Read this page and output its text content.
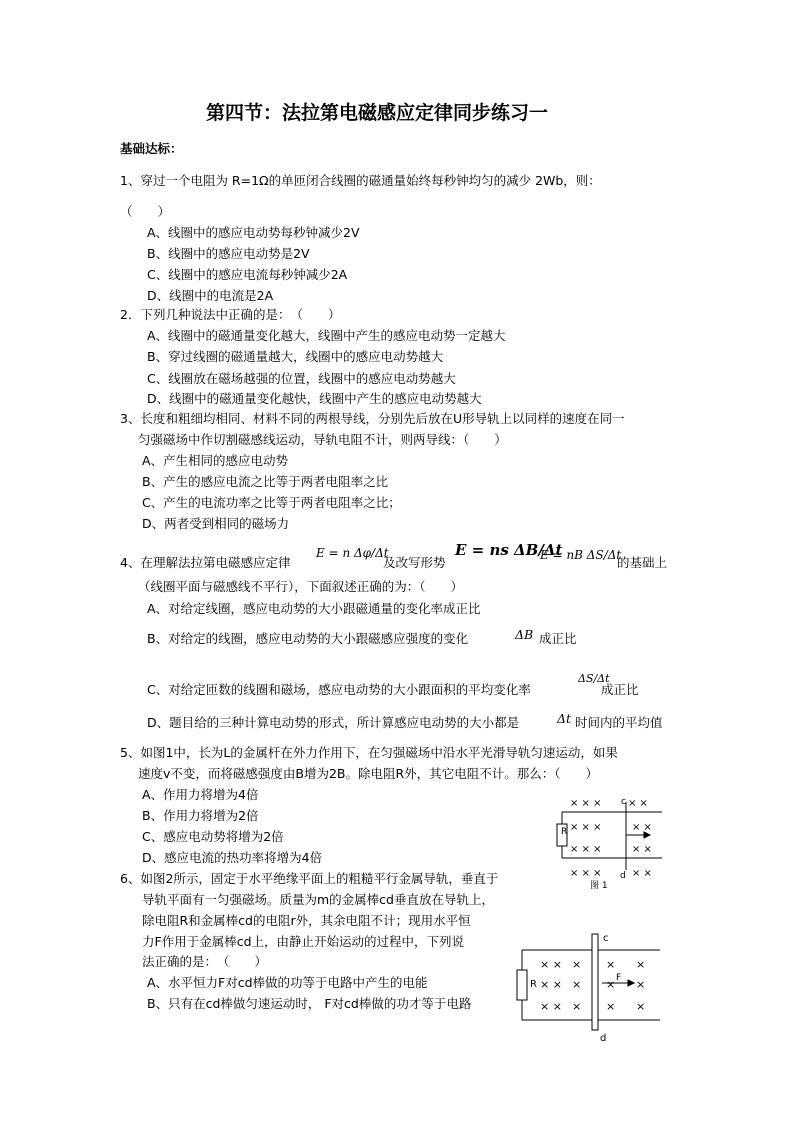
第四节：法拉第电磁感应定律同步练习一
基础达标：
1、穿过一个电阻为 R=1Ω的单匝闭合线圈的磁通量始终每秒钟均匀的减少 2Wb，则：
（　　）
A、线圈中的感应电动势每秒钟减少2V
B、线圈中的感应电动势是2V
C、线圈中的感应电流每秒钟减少2A
D、线圈中的电流是2A
2．下列几种说法中正确的是：　（　　）
A、线圈中的磁通量变化越大，线圈中产生的感应电动势一定越大
B、穿过线圈的磁通量越大，线圈中的感应电动势越大
C、线圈放在磁场越强的位置，线圈中的感应电动势越大
D、线圈中的磁通量变化越快，线圈中产生的感应电动势越大
3、长度和粗细均相同、材料不同的两根导线，分别先后放在U形导轨上以同样的速度在同一
匀强磁场中作切割磁感线运动，导轨电阻不计，则两导线：（　　）
A、产生相同的感应电动势
B、产生的感应电流之比等于两者电阻率之比
C、产生的电流功率之比等于两者电阻率之比；
D、两者受到相同的磁场力
4、在理解法拉第电磁感应定律
E = n Δφ/Δt
及改写形势
E = ns ΔB/Δt
E = nB ΔS/Δt
的基础上
（线圈平面与磁感线不平行），下面叙述正确的为：（　　）
A、对给定线圈，感应电动势的大小跟磁通量的变化率成正比
B、对给定的线圈，感应电动势的大小跟磁感应强度的变化	ΔB 成正比
C、对给定匝数的线圈和磁场，感应电动势的大小跟面积的平均变化率
ΔS/Δt
成正比
D、题目给的三种计算电动势的形式，所计算感应电动势的大小都是	Δt 时间内的平均值
5、如图1中，长为L的金属杆在外力作用下，在匀强磁场中沿水平光滑导轨匀速运动，如果
速度v不变，而将磁感强度由B增为2B。除电阻R外，其它电阻不计。那么：（　　）
A、作用力将增为4倍
B、作用力将增为2倍
C、感应电动势将增为2倍
D、感应电流的热功率将增为4倍
× × ×	× ×
× × ×	× ×
× × ×	× ×
× × ×	× ×
R
c
d
图 1
6、如图2所示，固定于水平绝缘平面上的粗糙平行金属导轨，垂直于
导轨平面有一匀强磁场。质量为m的金属棒cd垂直放在导轨上，
除电阻R和金属棒cd的电阻r外，其余电阻不计；现用水平恒
力F作用于金属棒cd上，由静止开始运动的过程中，下列说
法正确的是：　（　　）
A、水平恒力F对cd棒做的功等于电路中产生的电能
B、只有在cd棒做匀速运动时， F对cd棒做的功才等于电路
× × × × ×
× × × × ×
× × × × ×
R
c
d
F
